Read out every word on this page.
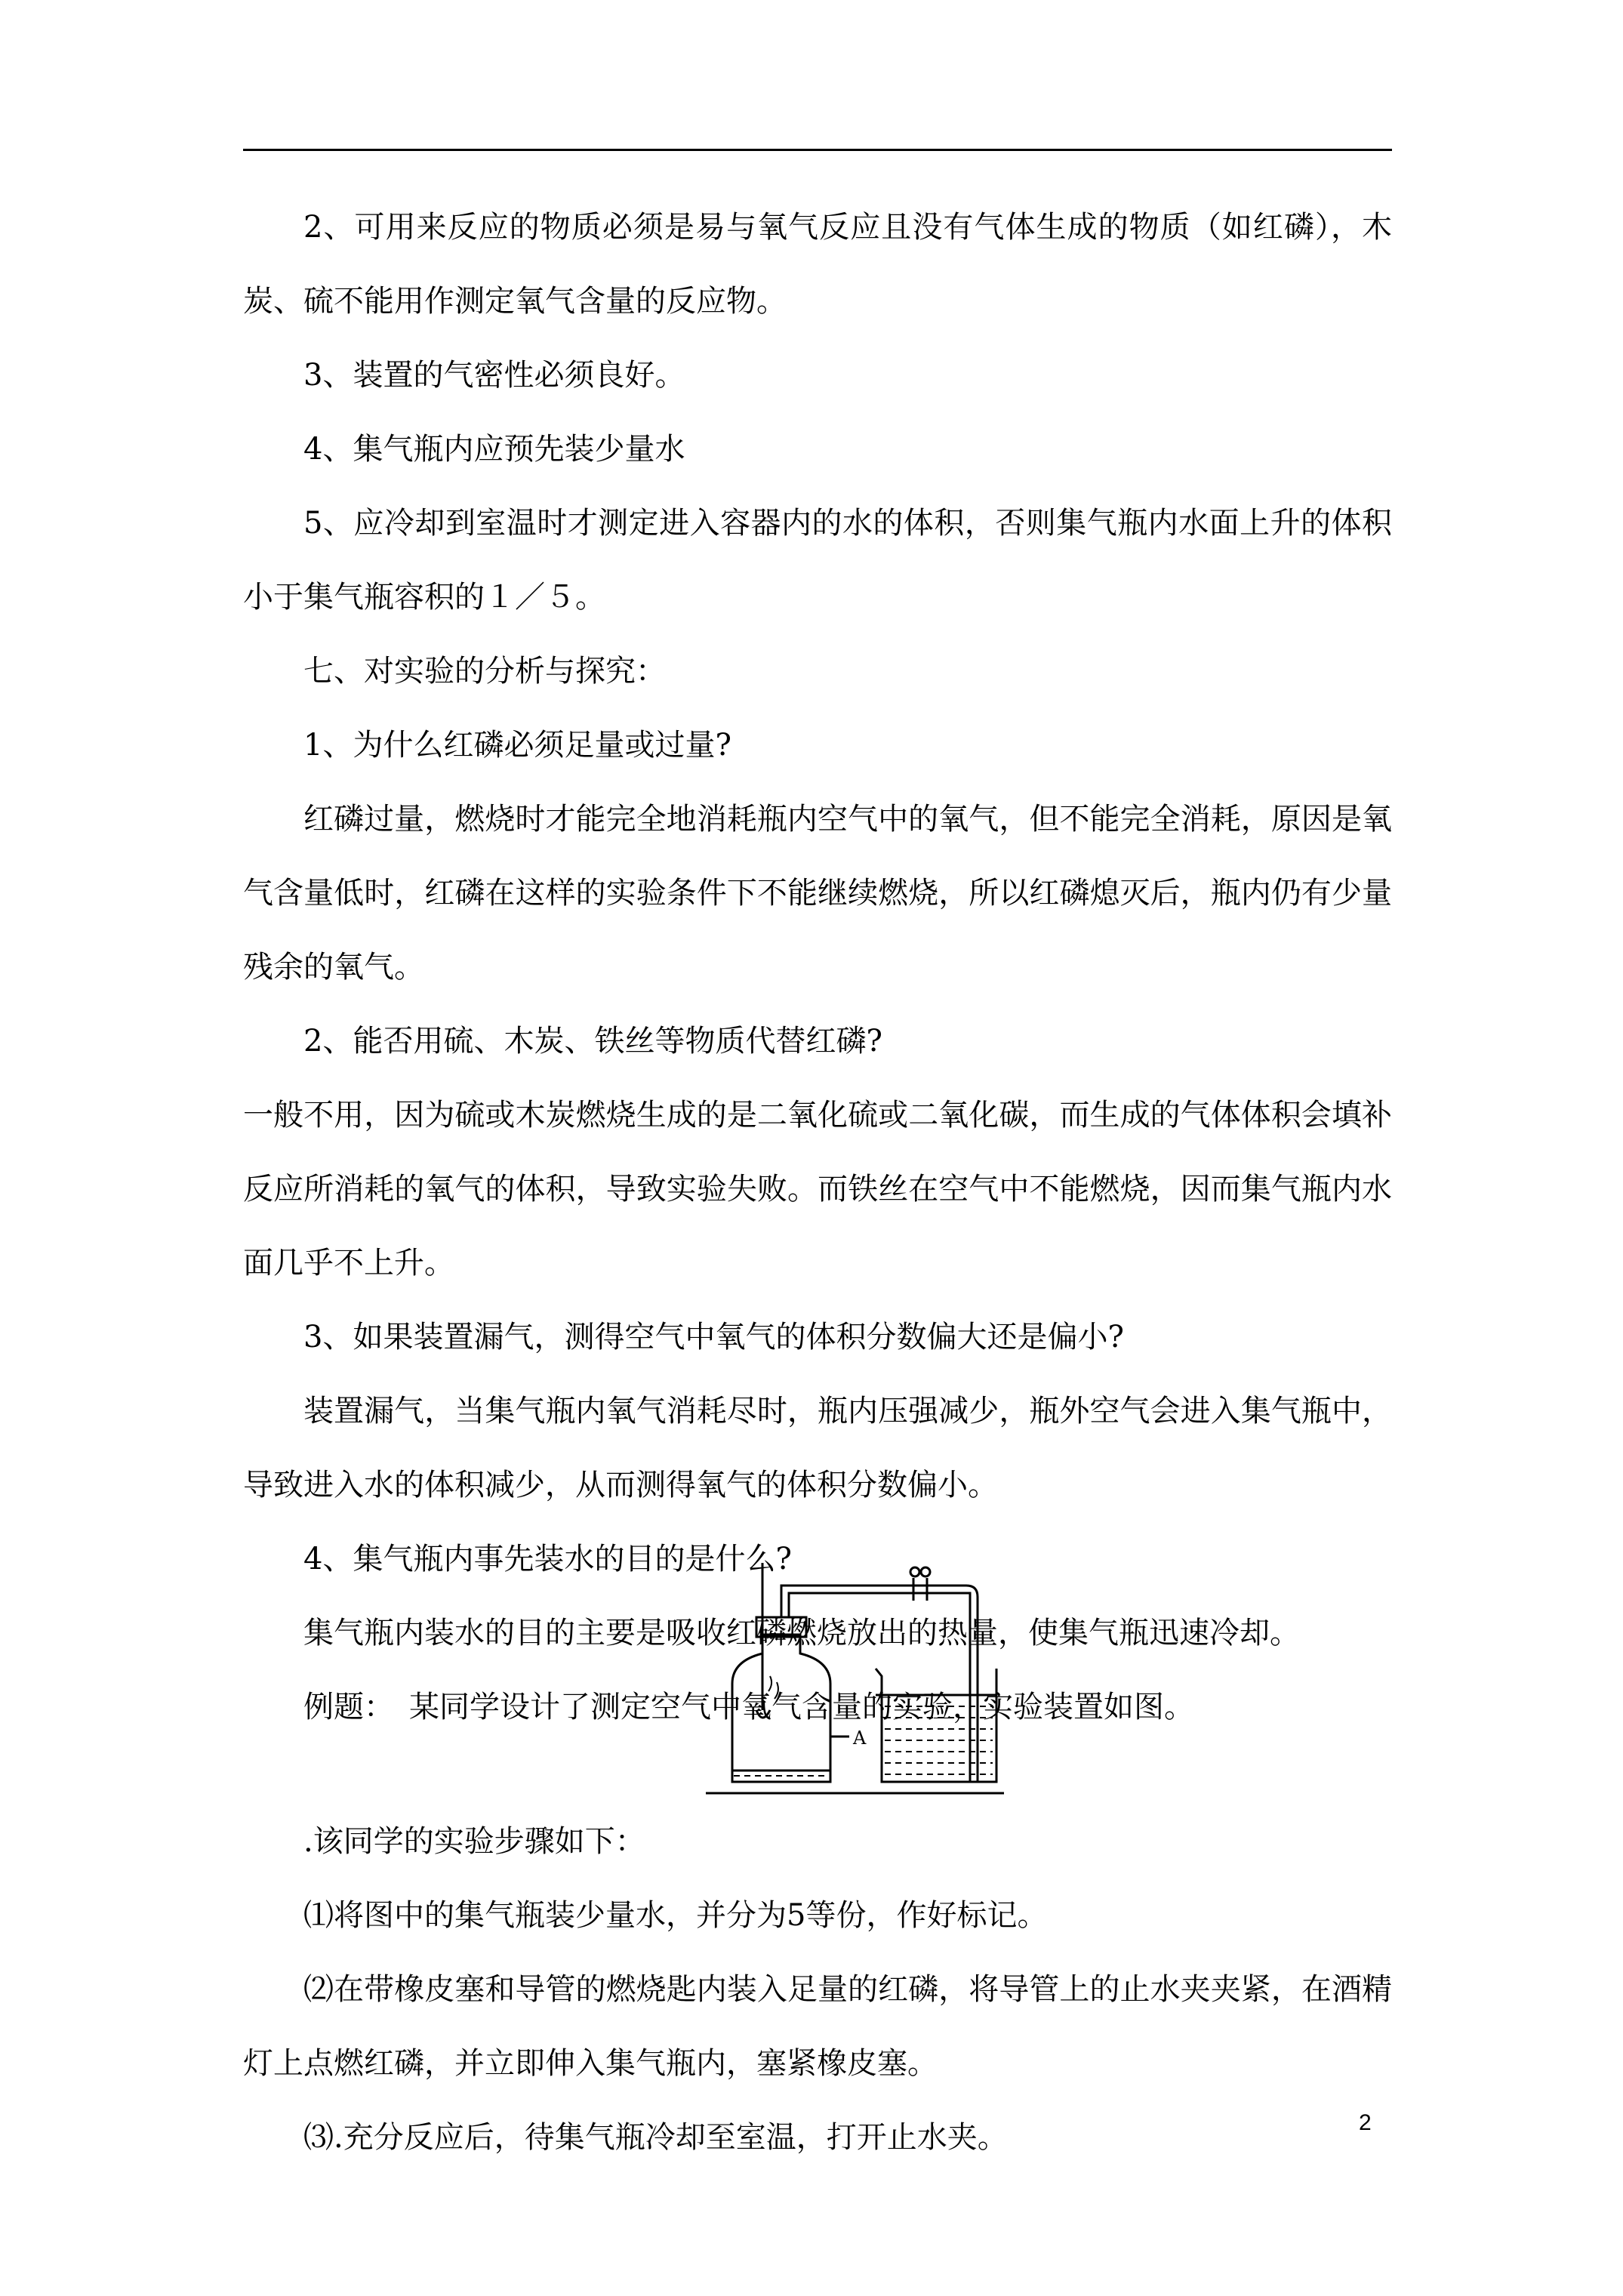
2、可用来反应的物质必须是易与氧气反应且没有气体生成的物质（如红磷），木炭、硫不能用作测定氧气含量的反应物。

3、装置的气密性必须良好。

4、集气瓶内应预先装少量水

5、应冷却到室温时才测定进入容器内的水的体积，否则集气瓶内水面上升的体积小于集气瓶容积的１／５。

七、对实验的分析与探究：

1、为什么红磷必须足量或过量?

红磷过量，燃烧时才能完全地消耗瓶内空气中的氧气，但不能完全消耗，原因是氧气含量低时，红磷在这样的实验条件下不能继续燃烧，所以红磷熄灭后，瓶内仍有少量残余的氧气。

2、能否用硫、木炭、铁丝等物质代替红磷?

一般不用，因为硫或木炭燃烧生成的是二氧化硫或二氧化碳，而生成的气体体积会填补反应所消耗的氧气的体积，导致实验失败。而铁丝在空气中不能燃烧，因而集气瓶内水面几乎不上升。

3、如果装置漏气，测得空气中氧气的体积分数偏大还是偏小?

装置漏气，当集气瓶内氧气消耗尽时，瓶内压强减少，瓶外空气会进入集气瓶中，导致进入水的体积减少，从而测得氧气的体积分数偏小。

4、集气瓶内事先装水的目的是什么?

集气瓶内装水的目的主要是吸收红磷燃烧放出的热量，使集气瓶迅速冷却。

例题：　某同学设计了测定空气中氧气含量的实验，实验装置如图。

A

.该同学的实验步骤如下：

⑴将图中的集气瓶装少量水，并分为5等份，作好标记。

⑵在带橡皮塞和导管的燃烧匙内装入足量的红磷，将导管上的止水夹夹紧，在酒精灯上点燃红磷，并立即伸入集气瓶内，塞紧橡皮塞。

⑶.充分反应后，待集气瓶冷却至室温，打开止水夹。	2
